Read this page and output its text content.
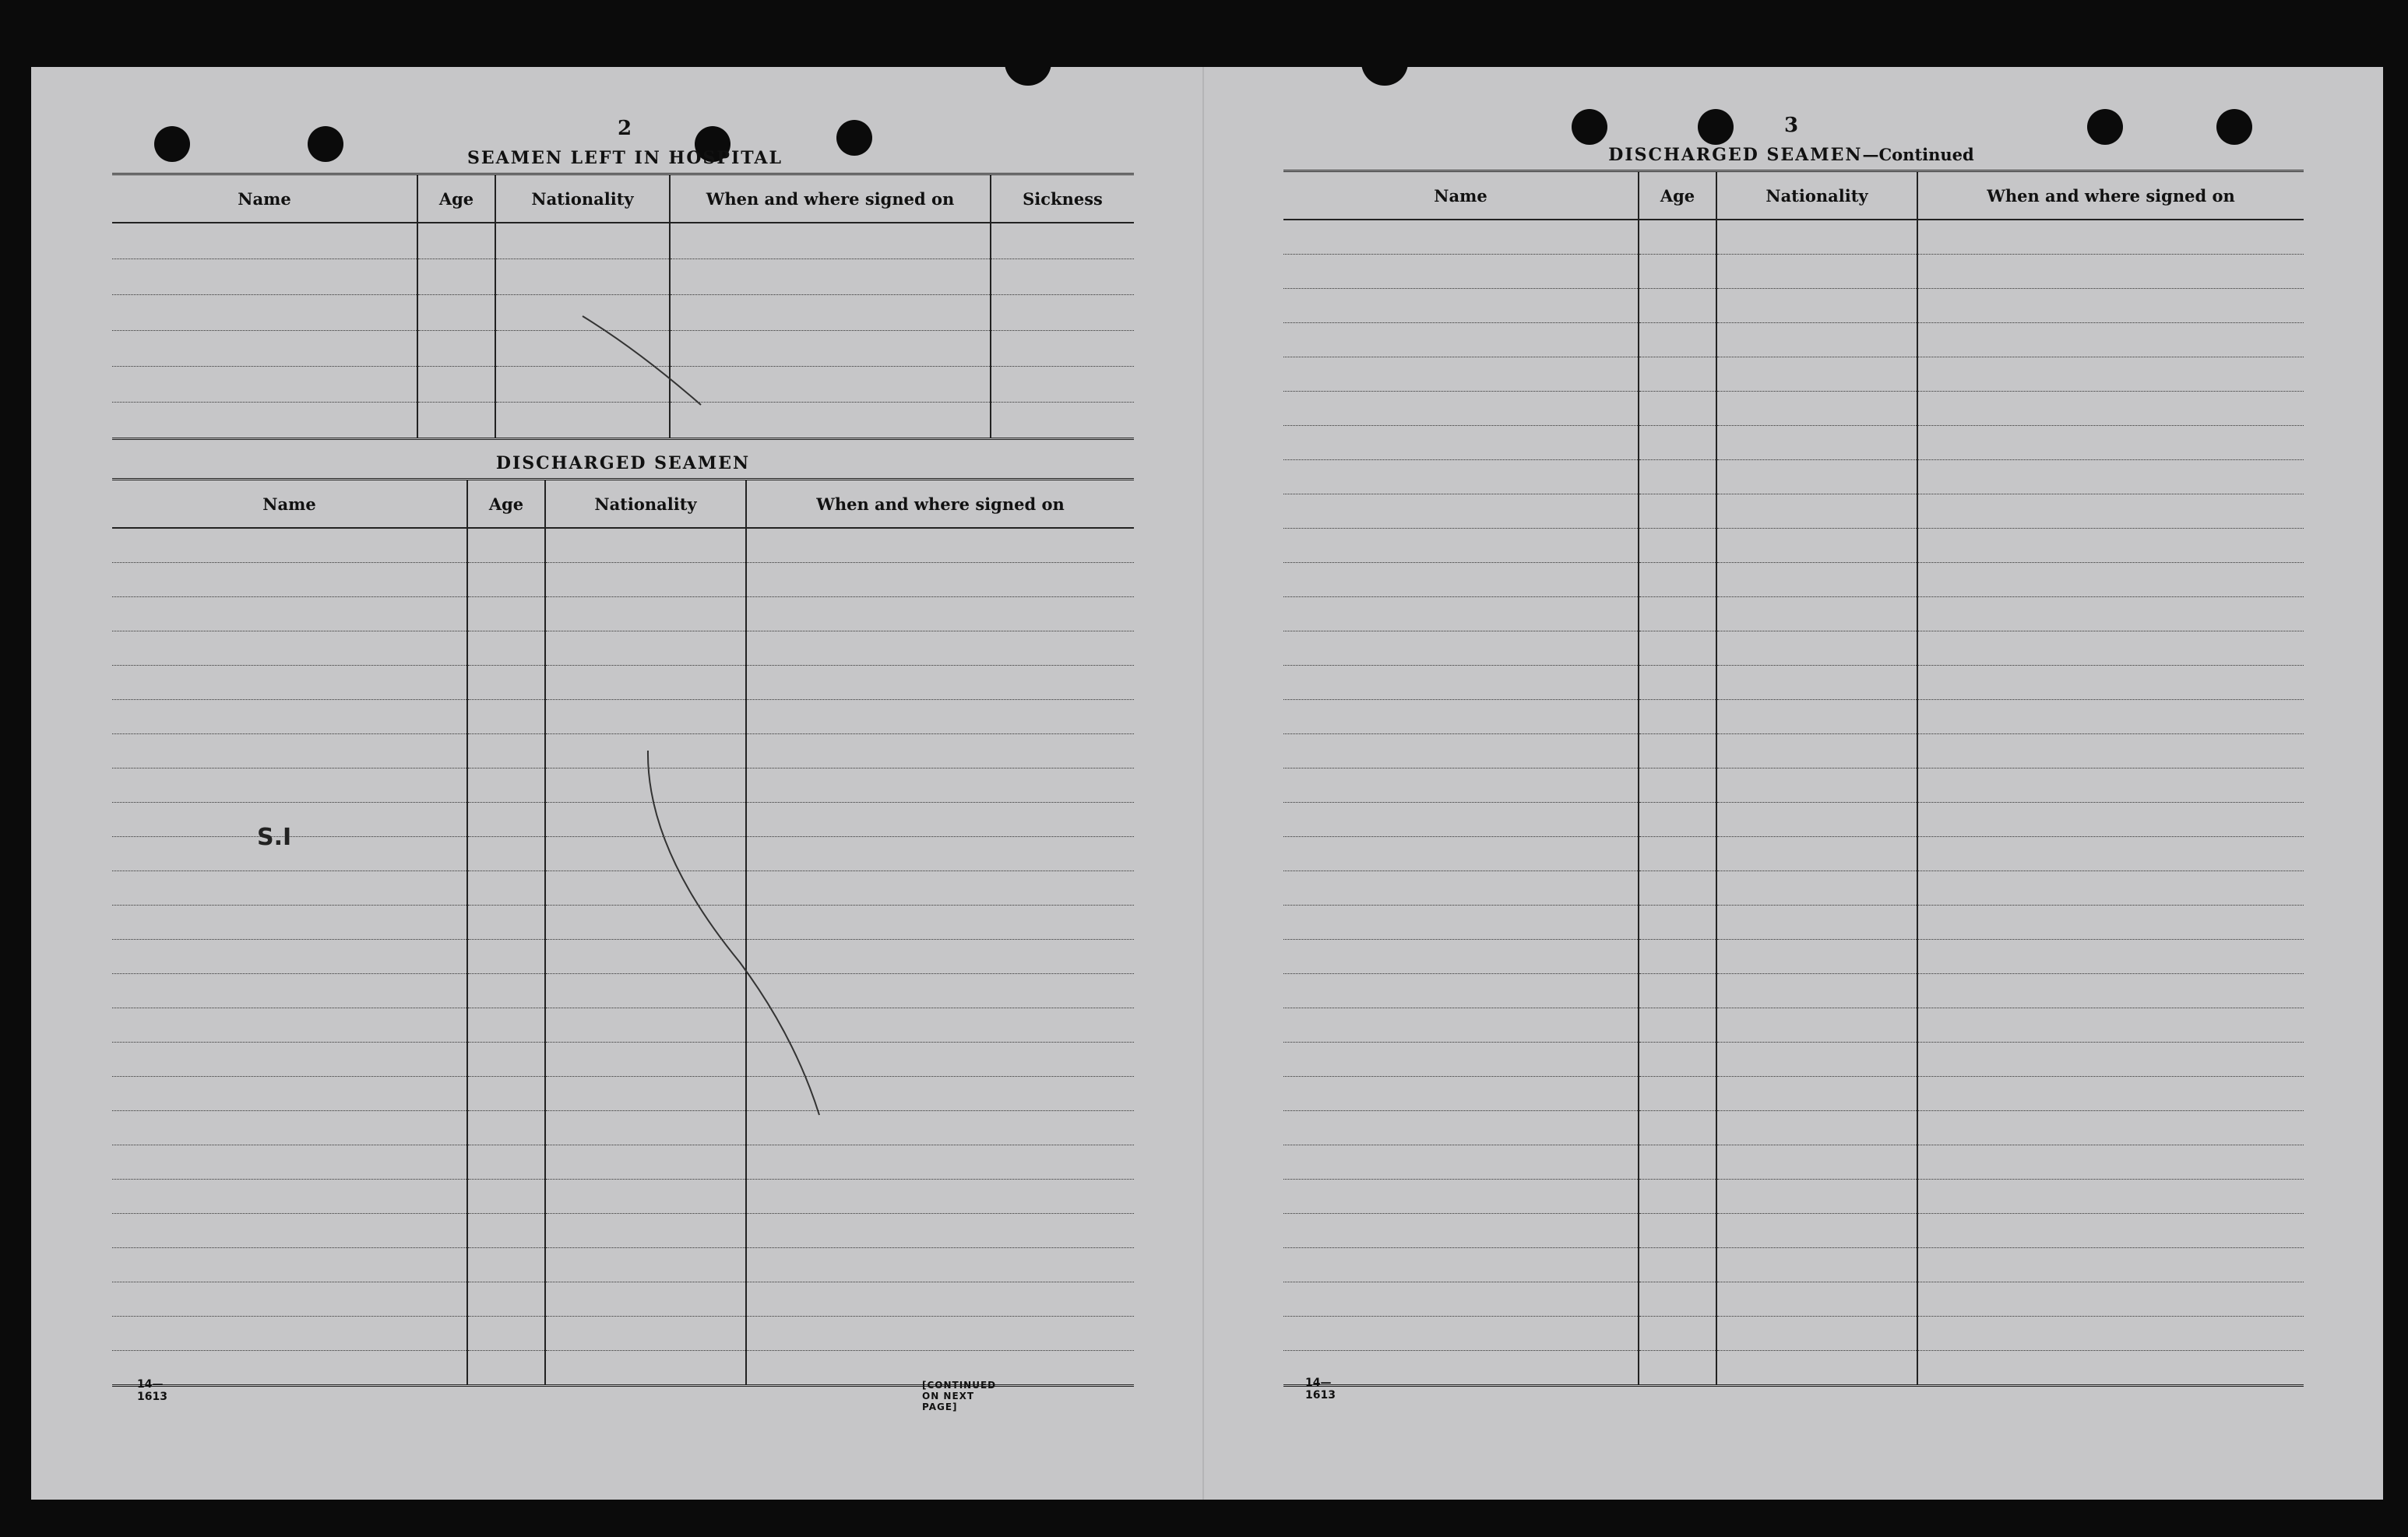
2
SEAMEN LEFT IN HOSPITAL
Name	Age	Nationality	When and where signed on	Sickness

DISCHARGED SEAMEN
Name	Age	Nationality	When and where signed on

14—1613
[CONTINUED ON NEXT PAGE]
S.I
3
DISCHARGED SEAMEN—Continued
Name	Age	Nationality	When and where signed on

14—1613
